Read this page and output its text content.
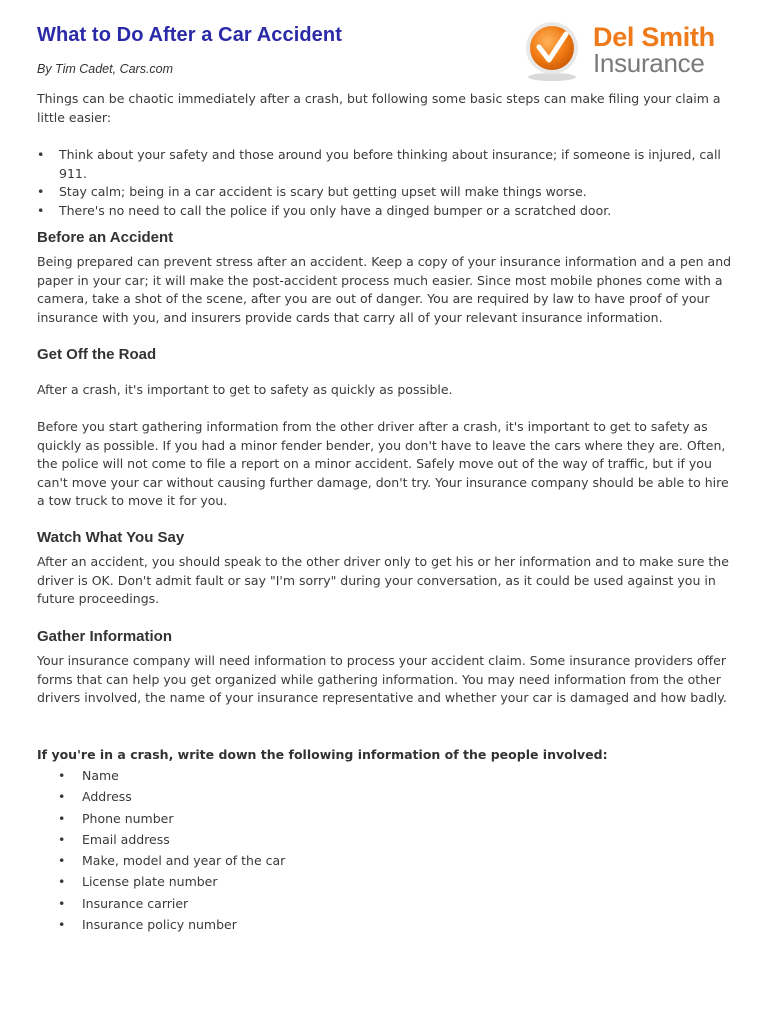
What to Do After a Car Accident
By Tim Cadet, Cars.com
Del Smith
Insurance

Things can be chaotic immediately after a crash, but following some basic steps can make filing your claim a little easier:

• Think about your safety and those around you before thinking about insurance; if someone is injured, call 911.
• Stay calm; being in a car accident is scary but getting upset will make things worse.
• There's no need to call the police if you only have a dinged bumper or a scratched door.
Before an Accident

Being prepared can prevent stress after an accident. Keep a copy of your insurance information and a pen and paper in your car; it will make the post-accident process much easier. Since most mobile phones come with a camera, take a shot of the scene, after you are out of danger. You are required by law to have proof of your insurance with you, and insurers provide cards that carry all of your relevant insurance information.

Get Off the Road

After a crash, it's important to get to safety as quickly as possible.

Before you start gathering information from the other driver after a crash, it's important to get to safety as quickly as possible. If you had a minor fender bender, you don't have to leave the cars where they are. Often, the police will not come to file a report on a minor accident. Safely move out of the way of traffic, but if you can't move your car without causing further damage, don't try. Your insurance company should be able to hire a tow truck to move it for you.

Watch What You Say

After an accident, you should speak to the other driver only to get his or her information and to make sure the driver is OK. Don't admit fault or say "I'm sorry" during your conversation, as it could be used against you in future proceedings.

Gather Information

Your insurance company will need information to process your accident claim. Some insurance providers offer forms that can help you get organized while gathering information. You may need information from the other drivers involved, the name of your insurance representative and whether your car is damaged and how badly.

If you're in a crash, write down the following information of the people involved:
• Name
• Address
• Phone number
• Email address
• Make, model and year of the car
• License plate number
• Insurance carrier
• Insurance policy number
